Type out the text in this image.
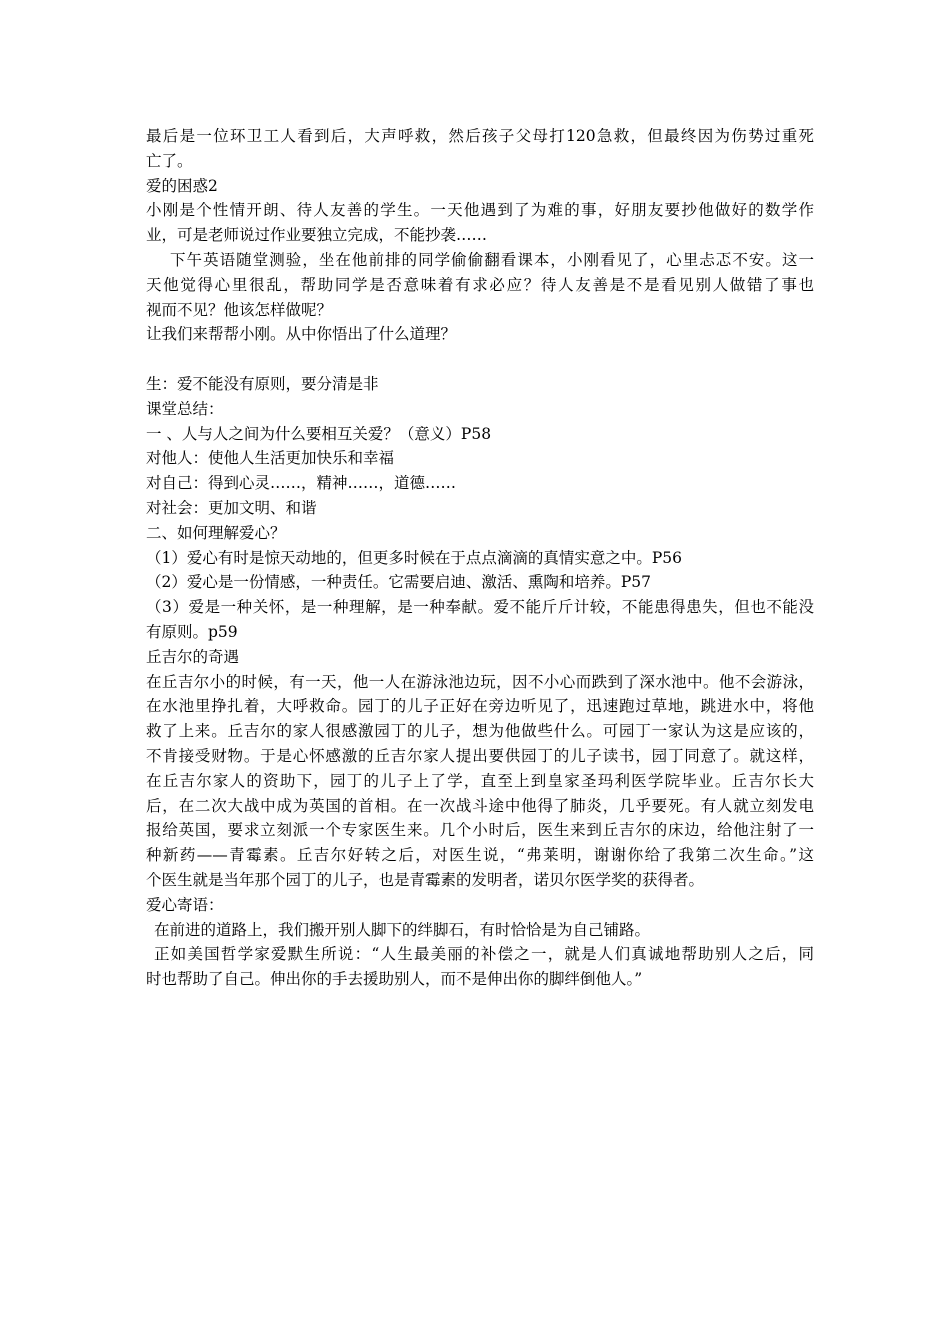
最后是一位环卫工人看到后，大声呼救，然后孩子父母打120急救，但最终因为伤势过重死
亡了。
爱的困惑2
小刚是个性情开朗、待人友善的学生。一天他遇到了为难的事，好朋友要抄他做好的数学作
业，可是老师说过作业要独立完成，不能抄袭……
下午英语随堂测验，坐在他前排的同学偷偷翻看课本，小刚看见了，心里忐忑不安。这一
天他觉得心里很乱，帮助同学是否意味着有求必应？待人友善是不是看见别人做错了事也
视而不见？他该怎样做呢？
让我们来帮帮小刚。从中你悟出了什么道理？
生：爱不能没有原则，要分清是非
课堂总结：
一 、人与人之间为什么要相互关爱？（意义）P58
对他人：使他人生活更加快乐和幸福
对自己：得到心灵……，精神……，道德……
对社会：更加文明、和谐
二、如何理解爱心？
（1）爱心有时是惊天动地的，但更多时候在于点点滴滴的真情实意之中。P56
（2）爱心是一份情感，一种责任。它需要启迪、激活、熏陶和培养。P57
（3）爱是一种关怀，是一种理解，是一种奉献。爱不能斤斤计较，不能患得患失，但也不能没
有原则。p59
丘吉尔的奇遇
在丘吉尔小的时候，有一天，他一人在游泳池边玩，因不小心而跌到了深水池中。他不会游泳，
在水池里挣扎着，大呼救命。园丁的儿子正好在旁边听见了，迅速跑过草地，跳进水中，将他
救了上来。丘吉尔的家人很感激园丁的儿子，想为他做些什么。可园丁一家认为这是应该的，
不肯接受财物。于是心怀感激的丘吉尔家人提出要供园丁的儿子读书，园丁同意了。就这样，
在丘吉尔家人的资助下，园丁的儿子上了学，直至上到皇家圣玛利医学院毕业。丘吉尔长大
后，在二次大战中成为英国的首相。在一次战斗途中他得了肺炎，几乎要死。有人就立刻发电
报给英国，要求立刻派一个专家医生来。几个小时后，医生来到丘吉尔的床边，给他注射了一
种新药——青霉素。丘吉尔好转之后，对医生说，“弗莱明，谢谢你给了我第二次生命。”这
个医生就是当年那个园丁的儿子，也是青霉素的发明者，诺贝尔医学奖的获得者。
爱心寄语：
在前进的道路上，我们搬开别人脚下的绊脚石，有时恰恰是为自己铺路。
正如美国哲学家爱默生所说：“人生最美丽的补偿之一，就是人们真诚地帮助别人之后，同
时也帮助了自己。伸出你的手去援助别人，而不是伸出你的脚绊倒他人。”
